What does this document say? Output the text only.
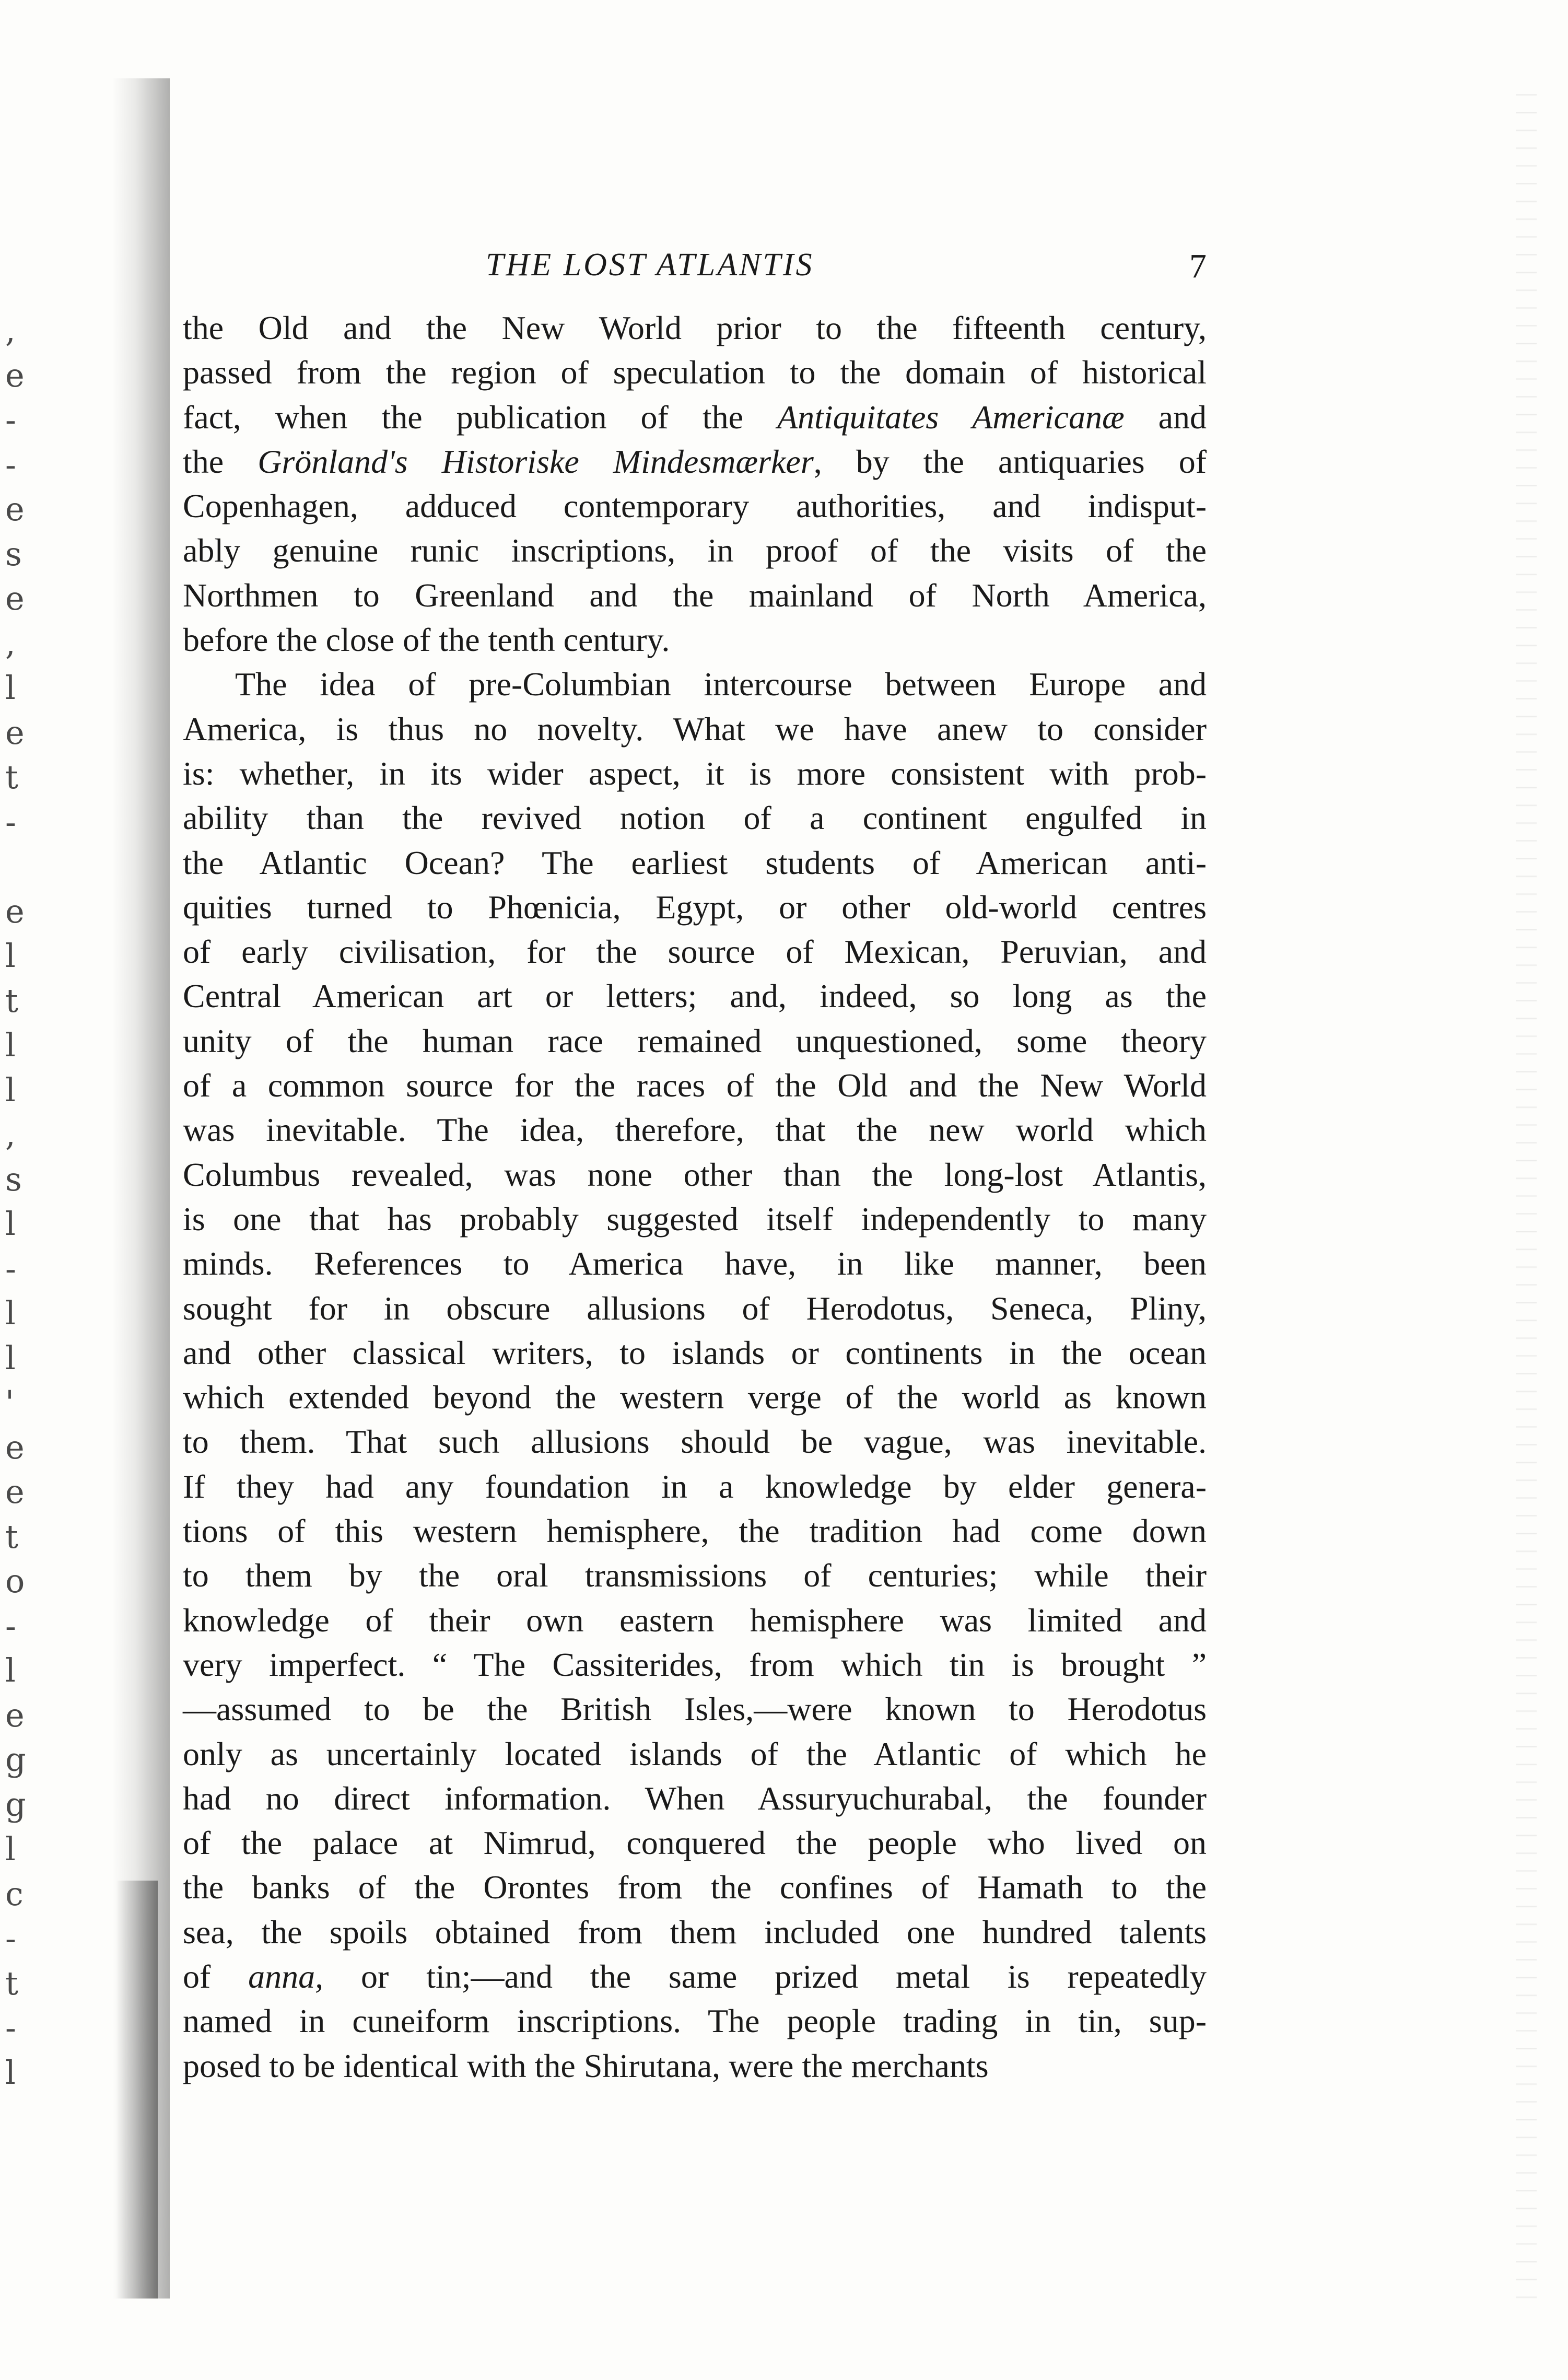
,
e
-
-
e
s
e
,
l
e
t
-
e
l
t
l
l
,
s
l
-
l
l
'
e
e
t
o
-
l
e
g
g
l
c
-
t
-
l
THE LOST ATLANTIS	7
the Old and the New World prior to the fifteenth century,
passed from the region of speculation to the domain of historical
fact, when the publication of the Antiquitates Americanæ and
the Grönland's Historiske Mindesmærker, by the antiquaries of
Copenhagen, adduced contemporary authorities, and indisput-
ably genuine runic inscriptions, in proof of the visits of the
Northmen to Greenland and the mainland of North America,
before the close of the tenth century.
The idea of pre-Columbian intercourse between Europe and
America, is thus no novelty. What we have anew to consider
is: whether, in its wider aspect, it is more consistent with prob-
ability than the revived notion of a continent engulfed in
the Atlantic Ocean? The earliest students of American anti-
quities turned to Phœnicia, Egypt, or other old-world centres
of early civilisation, for the source of Mexican, Peruvian, and
Central American art or letters; and, indeed, so long as the
unity of the human race remained unquestioned, some theory
of a common source for the races of the Old and the New World
was inevitable. The idea, therefore, that the new world which
Columbus revealed, was none other than the long-lost Atlantis,
is one that has probably suggested itself independently to many
minds. References to America have, in like manner, been
sought for in obscure allusions of Herodotus, Seneca, Pliny,
and other classical writers, to islands or continents in the ocean
which extended beyond the western verge of the world as known
to them. That such allusions should be vague, was inevitable.
If they had any foundation in a knowledge by elder genera-
tions of this western hemisphere, the tradition had come down
to them by the oral transmissions of centuries; while their
knowledge of their own eastern hemisphere was limited and
very imperfect. “ The Cassiterides, from which tin is brought ”
—assumed to be the British Isles,—were known to Herodotus
only as uncertainly located islands of the Atlantic of which he
had no direct information. When Assuryuchurabal, the founder
of the palace at Nimrud, conquered the people who lived on
the banks of the Orontes from the confines of Hamath to the
sea, the spoils obtained from them included one hundred talents
of anna, or tin;—and the same prized metal is repeatedly
named in cuneiform inscriptions. The people trading in tin, sup-
posed to be identical with the Shirutana, were the merchants
